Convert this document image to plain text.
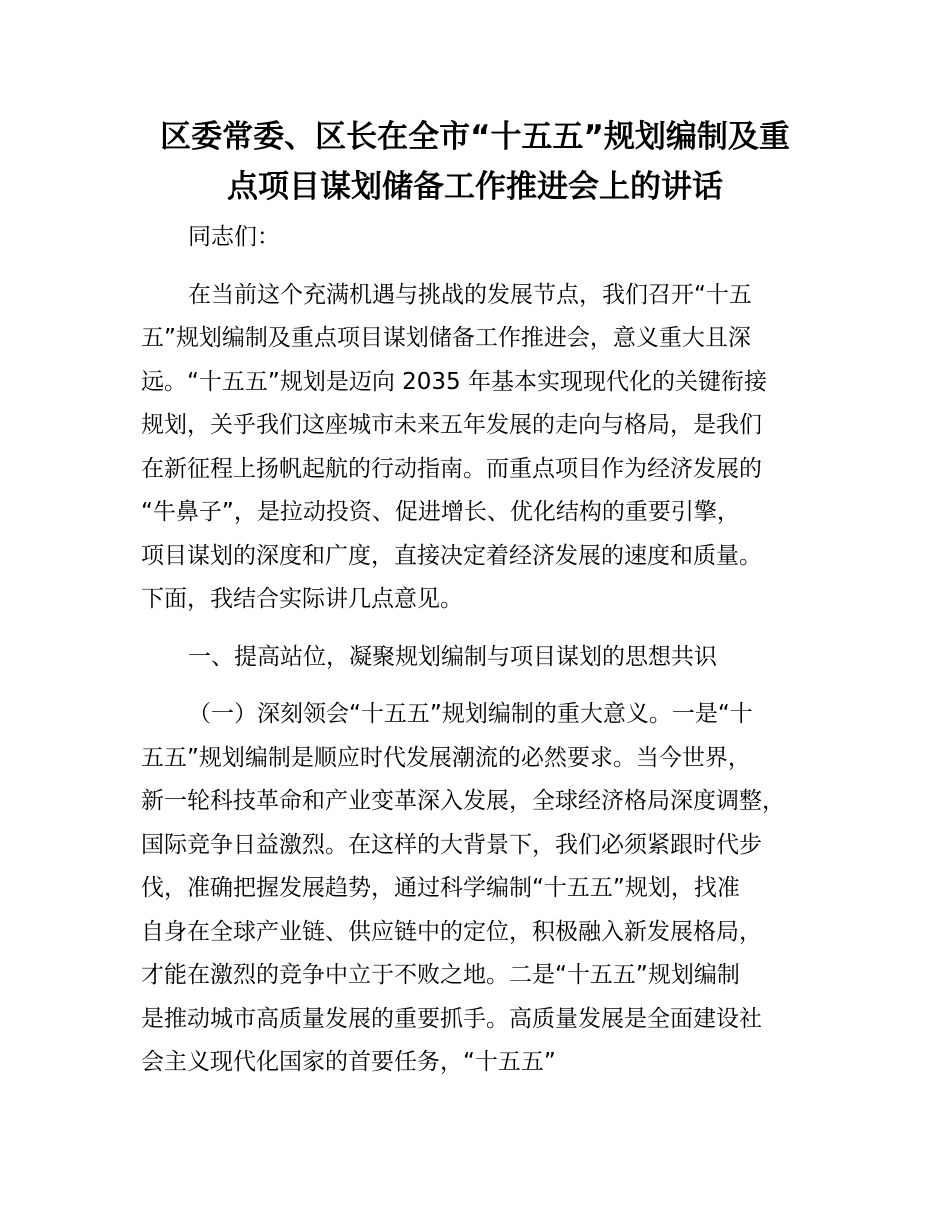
区委常委、区长在全市“十五五”规划编制及重
点项目谋划储备工作推进会上的讲话

同志们：

在当前这个充满机遇与挑战的发展节点，我们召开“十五
五”规划编制及重点项目谋划储备工作推进会，意义重大且深
远。“十五五”规划是迈向 2035 年基本实现现代化的关键衔接
规划，关乎我们这座城市未来五年发展的走向与格局，是我们
在新征程上扬帆起航的行动指南。而重点项目作为经济发展的
“牛鼻子”，是拉动投资、促进增长、优化结构的重要引擎，
项目谋划的深度和广度，直接决定着经济发展的速度和质量。
下面，我结合实际讲几点意见。

一、提高站位，凝聚规划编制与项目谋划的思想共识

（一）深刻领会“十五五”规划编制的重大意义。一是“十
五五”规划编制是顺应时代发展潮流的必然要求。当今世界，
新一轮科技革命和产业变革深入发展，全球经济格局深度调整，
国际竞争日益激烈。在这样的大背景下，我们必须紧跟时代步
伐，准确把握发展趋势，通过科学编制“十五五”规划，找准
自身在全球产业链、供应链中的定位，积极融入新发展格局，
才能在激烈的竞争中立于不败之地。二是“十五五”规划编制
是推动城市高质量发展的重要抓手。高质量发展是全面建设社
会主义现代化国家的首要任务，“十五五”
